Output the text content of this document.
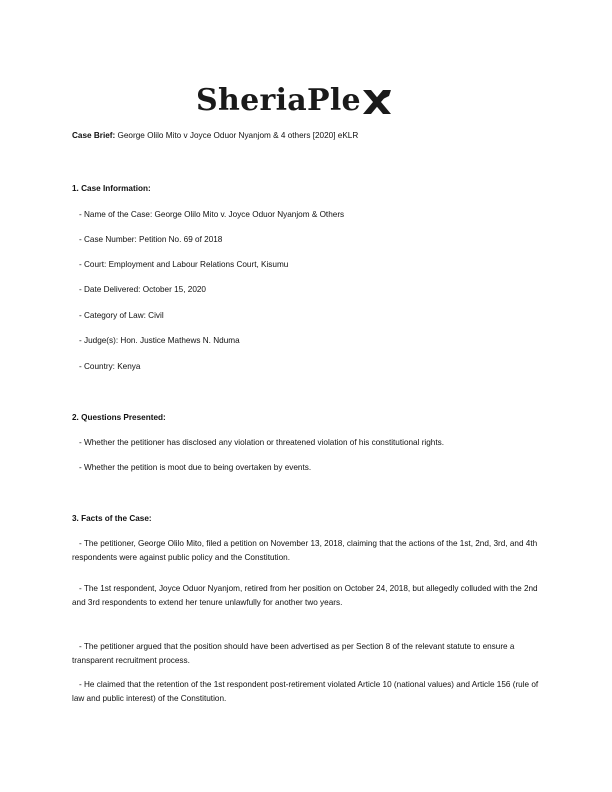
SheriaPle
Case Brief: George Olilo Mito v Joyce Oduor Nyanjom & 4 others [2020] eKLR
1. Case Information:
- Name of the Case: George Olilo Mito v. Joyce Oduor Nyanjom & Others
- Case Number: Petition No. 69 of 2018
- Court: Employment and Labour Relations Court, Kisumu
- Date Delivered: October 15, 2020
- Category of Law: Civil
- Judge(s): Hon. Justice Mathews N. Nduma
- Country: Kenya
2. Questions Presented:
- Whether the petitioner has disclosed any violation or threatened violation of his constitutional rights.
- Whether the petition is moot due to being overtaken by events.
3. Facts of the Case:

- The petitioner, George Olilo Mito, filed a petition on November 13, 2018, claiming that the actions of the 1st, 2nd, 3rd, and 4th respondents were against public policy and the Constitution.

- The 1st respondent, Joyce Oduor Nyanjom, retired from her position on October 24, 2018, but allegedly colluded with the 2nd and 3rd respondents to extend her tenure unlawfully for another two years.

- The petitioner argued that the position should have been advertised as per Section 8 of the relevant statute to ensure a transparent recruitment process.

- He claimed that the retention of the 1st respondent post-retirement violated Article 10 (national values) and Article 156 (rule of law and public interest) of the Constitution.
